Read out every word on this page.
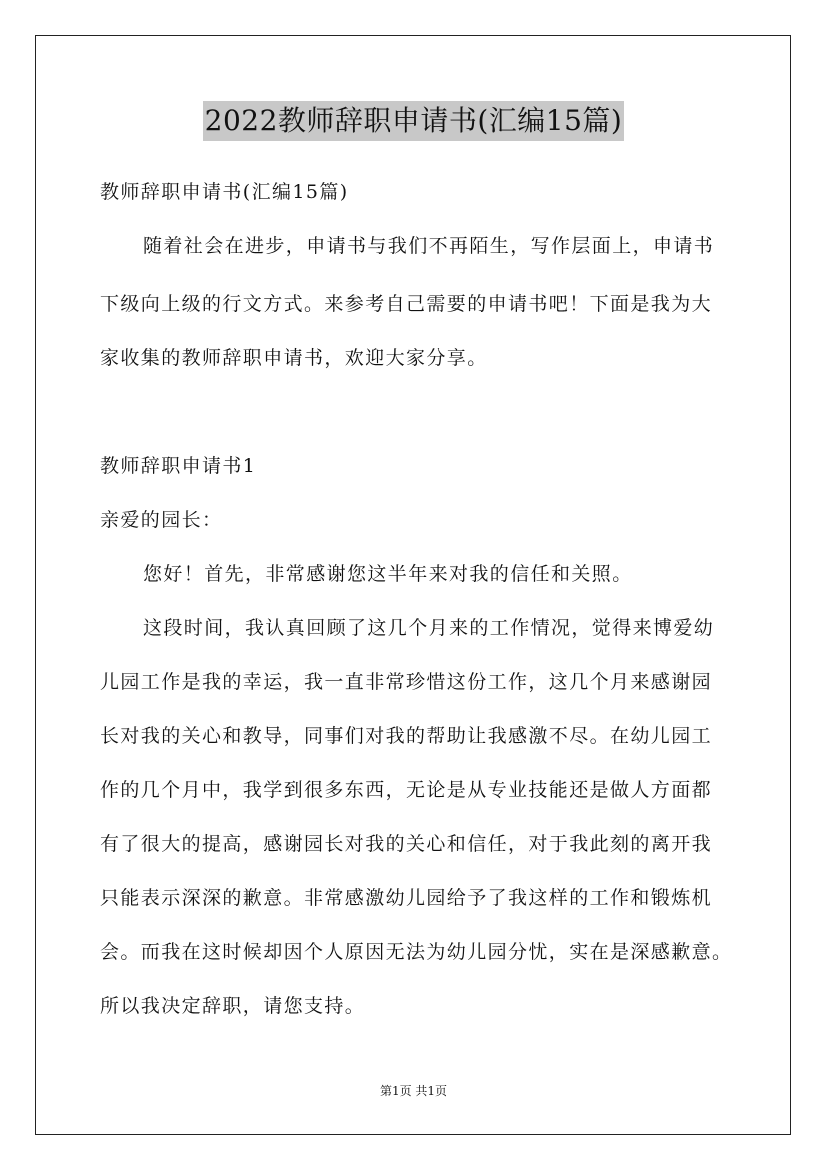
2022教师辞职申请书(汇编15篇)

教师辞职申请书(汇编15篇)

随着社会在进步，申请书与我们不再陌生，写作层面上，申请书

下级向上级的行文方式。来参考自己需要的申请书吧！下面是我为大

家收集的教师辞职申请书，欢迎大家分享。

教师辞职申请书1

亲爱的园长：

您好！首先，非常感谢您这半年来对我的信任和关照。

这段时间，我认真回顾了这几个月来的工作情况，觉得来博爱幼

儿园工作是我的幸运，我一直非常珍惜这份工作，这几个月来感谢园

长对我的关心和教导，同事们对我的帮助让我感激不尽。在幼儿园工

作的几个月中，我学到很多东西，无论是从专业技能还是做人方面都

有了很大的提高，感谢园长对我的关心和信任，对于我此刻的离开我

只能表示深深的歉意。非常感激幼儿园给予了我这样的工作和锻炼机

会。而我在这时候却因个人原因无法为幼儿园分忧，实在是深感歉意。

所以我决定辞职，请您支持。

第1页 共1页
